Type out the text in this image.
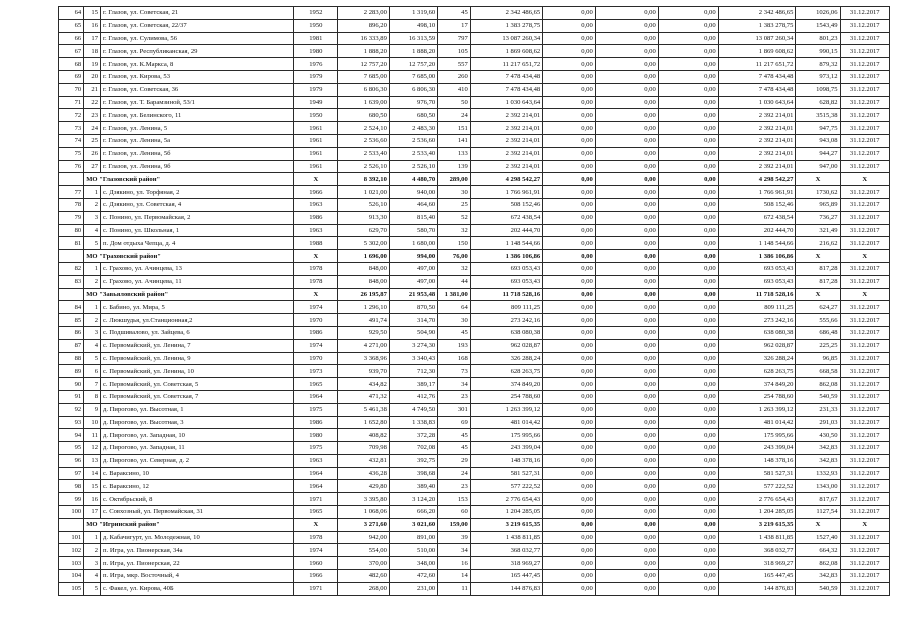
64	15	г. Глазов, ул. Советская, 21	1952	2 283,00	1 319,60	45	2 342 486,65	0,00	0,00	0,00	2 342 486,65	1026,06	31.12.2017
65	16	г. Глазов, ул. Советская, 22/37	1950	896,20	498,10	17	1 383 278,75	0,00	0,00	0,00	1 383 278,75	1543,49	31.12.2017
66	17	г. Глазов, ул. Сулимова, 56	1981	16 333,89	16 313,59	797	13 087 260,34	0,00	0,00	0,00	13 087 260,34	801,23	31.12.2017
67	18	г. Глазов, ул. Республиканская, 29	1980	1 888,20	1 888,20	105	1 869 608,62	0,00	0,00	0,00	1 869 608,62	990,15	31.12.2017
68	19	г. Глазов, ул. К.Маркса, 8	1976	12 757,20	12 757,20	557	11 217 651,72	0,00	0,00	0,00	11 217 651,72	879,32	31.12.2017
69	20	г. Глазов, ул. Кирова, 53	1979	7 685,00	7 685,00	260	7 478 434,48	0,00	0,00	0,00	7 478 434,48	973,12	31.12.2017
70	21	г. Глазов, ул. Советская, 36	1979	6 806,30	6 806,30	410	7 478 434,48	0,00	0,00	0,00	7 478 434,48	1098,75	31.12.2017
71	22	г. Глазов, ул. Т. Барамзиной, 53/1	1949	1 639,00	976,70	50	1 030 643,64	0,00	0,00	0,00	1 030 643,64	628,82	31.12.2017
72	23	г. Глазов, ул. Белинского, 11	1950	680,50	680,50	24	2 392 214,01	0,00	0,00	0,00	2 392 214,01	3515,38	31.12.2017
73	24	г. Глазов, ул. Ленина, 5	1961	2 524,10	2 483,30	151	2 392 214,01	0,00	0,00	0,00	2 392 214,01	947,75	31.12.2017
74	25	г. Глазов, ул. Ленина, 5а	1961	2 536,60	2 536,60	141	2 392 214,01	0,00	0,00	0,00	2 392 214,01	943,08	31.12.2017
75	26	г. Глазов, ул. Ленина, 5б	1961	2 533,40	2 533,40	133	2 392 214,01	0,00	0,00	0,00	2 392 214,01	944,27	31.12.2017
76	27	г. Глазов, ул. Ленина, 9б	1961	2 526,10	2 526,10	139	2 392 214,01	0,00	0,00	0,00	2 392 214,01	947,00	31.12.2017
	МО "Глазовский район"		X	8 392,10	4 480,70	289,00	4 298 542,27	0,00	0,00	0,00	4 298 542,27	X	X
77	1	с. Дзякино, ул. Торфяная, 2	1966	1 021,00	940,00	30	1 766 961,91	0,00	0,00	0,00	1 766 961,91	1730,62	31.12.2017
78	2	с. Дзякино, ул. Советская, 4	1963	526,10	464,60	25	508 152,46	0,00	0,00	0,00	508 152,46	965,89	31.12.2017
79	3	с. Понино, ул. Первомайская, 2	1986	913,30	815,40	52	672 438,54	0,00	0,00	0,00	672 438,54	736,27	31.12.2017
80	4	с. Понино, ул. Школьная, 1	1963	629,70	580,70	32	202 444,70	0,00	0,00	0,00	202 444,70	321,49	31.12.2017
81	5	п. Дом отдыха Чепца, д. 4	1988	5 302,00	1 680,00	150	1 148 544,66	0,00	0,00	0,00	1 148 544,66	216,62	31.12.2017
	МО "Граховский район"		X	1 696,00	994,00	76,00	1 386 106,86	0,00	0,00	0,00	1 386 106,86	X	X
82	1	с. Грахово, ул. Ачинцева, 13	1978	848,00	497,00	32	693 053,43	0,00	0,00	0,00	693 053,43	817,28	31.12.2017
83	2	с. Грахово, ул. Ачинцева, 11	1978	848,00	497,00	44	693 053,43	0,00	0,00	0,00	693 053,43	817,28	31.12.2017
	МО "Завьяловский район"		X	26 195,87	21 953,48	1 381,00	11 718 528,16	0,00	0,00	0,00	11 718 528,16	X	X
84	1	с. Бабино, ул. Мира, 5	1974	1 296,10	870,50	64	809 111,25	0,00	0,00	0,00	809 111,25	624,27	31.12.2017
85	2	с. Люкшудья, ул.Станционная,2	1970	491,74	314,70	30	273 242,16	0,00	0,00	0,00	273 242,16	555,66	31.12.2017
86	3	с. Подшиваловo, ул. Зайцева, 6	1986	929,50	504,90	45	638 080,38	0,00	0,00	0,00	638 080,38	686,48	31.12.2017
87	4	с. Первомайский, ул. Ленина, 7	1974	4 271,00	3 274,30	193	962 028,87	0,00	0,00	0,00	962 028,87	225,25	31.12.2017
88	5	с. Первомайский, ул. Ленина, 9	1970	3 368,96	3 340,43	168	326 288,24	0,00	0,00	0,00	326 288,24	96,85	31.12.2017
89	6	с. Первомайский, ул. Ленина, 10	1973	939,70	712,30	73	628 263,75	0,00	0,00	0,00	628 263,75	668,58	31.12.2017
90	7	с. Первомайский, ул. Советская, 5	1965	434,82	389,17	34	374 849,20	0,00	0,00	0,00	374 849,20	862,08	31.12.2017
91	8	с. Первомайский, ул. Советская, 7	1964	471,32	412,76	23	254 788,60	0,00	0,00	0,00	254 788,60	540,59	31.12.2017
92	9	д. Пирогово, ул. Высотная, 1	1975	5 461,38	4 749,50	301	1 263 399,12	0,00	0,00	0,00	1 263 399,12	231,33	31.12.2017
93	10	д. Пирогово, ул. Высотная, 3	1986	1 652,80	1 338,83	69	481 014,42	0,00	0,00	0,00	481 014,42	291,03	31.12.2017
94	11	д. Пирогово, ул. Западная, 10	1980	408,82	372,28	45	175 995,66	0,00	0,00	0,00	175 995,66	430,50	31.12.2017
95	12	д. Пирогово, ул. Западная, 11	1975	709,98	702,08	45	243 399,04	0,00	0,00	0,00	243 399,04	342,83	31.12.2017
96	13	д. Пирогово, ул. Северная, д. 2	1963	432,81	392,75	29	148 378,16	0,00	0,00	0,00	148 378,16	342,83	31.12.2017
97	14	с. Вараксино, 10	1964	436,28	398,68	24	581 527,31	0,00	0,00	0,00	581 527,31	1332,93	31.12.2017
98	15	с. Вараксино, 12	1964	429,80	389,40	23	577 222,52	0,00	0,00	0,00	577 222,52	1343,00	31.12.2017
99	16	с. Октябрьский, 8	1971	3 395,80	3 124,20	153	2 776 654,43	0,00	0,00	0,00	2 776 654,43	817,67	31.12.2017
100	17	с. Совхозный, ул. Первомайская, 31	1965	1 068,06	666,20	60	1 204 285,05	0,00	0,00	0,00	1 204 285,05	1127,54	31.12.2017
	МО "Игринский район"		X	3 271,60	3 021,60	159,00	3 219 615,35	0,00	0,00	0,00	3 219 615,35	X	X
101	1	д. Кабачигурт, ул. Молодежная, 10	1978	942,00	891,00	39	1 438 811,85	0,00	0,00	0,00	1 438 811,85	1527,40	31.12.2017
102	2	п. Игра, ул. Пионерская, 34а	1974	554,00	510,00	34	368 032,77	0,00	0,00	0,00	368 032,77	664,32	31.12.2017
103	3	п. Игра, ул. Пионерская, 22	1960	370,00	348,00	16	318 969,27	0,00	0,00	0,00	318 969,27	862,08	31.12.2017
104	4	п. Игра, мкр. Восточный, 4	1966	482,60	472,60	14	165 447,45	0,00	0,00	0,00	165 447,45	342,83	31.12.2017
105	5	с. Факел, ул. Кирова, 40Б	1971	268,00	231,00	11	144 876,83	0,00	0,00	0,00	144 876,83	540,59	31.12.2017
